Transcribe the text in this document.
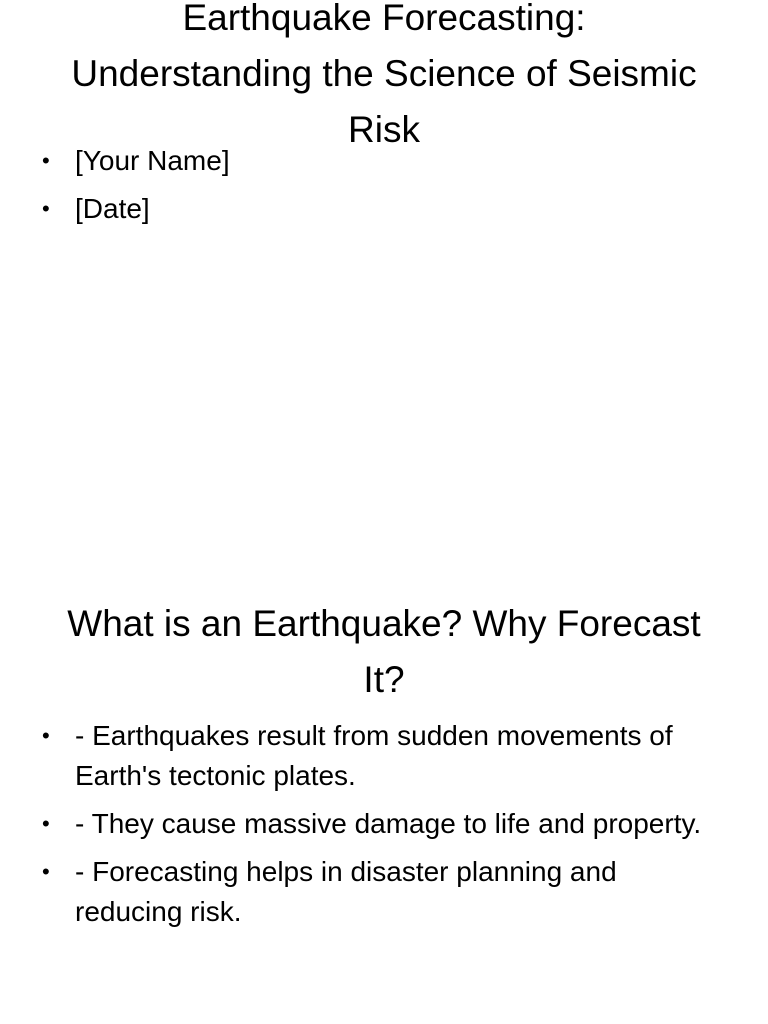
Earthquake Forecasting: Understanding the Science of Seismic Risk
• [Your Name]
• [Date]
What is an Earthquake? Why Forecast It?
• - Earthquakes result from sudden movements of Earth's tectonic plates.
• - They cause massive damage to life and property.
• - Forecasting helps in disaster planning and reducing risk.
